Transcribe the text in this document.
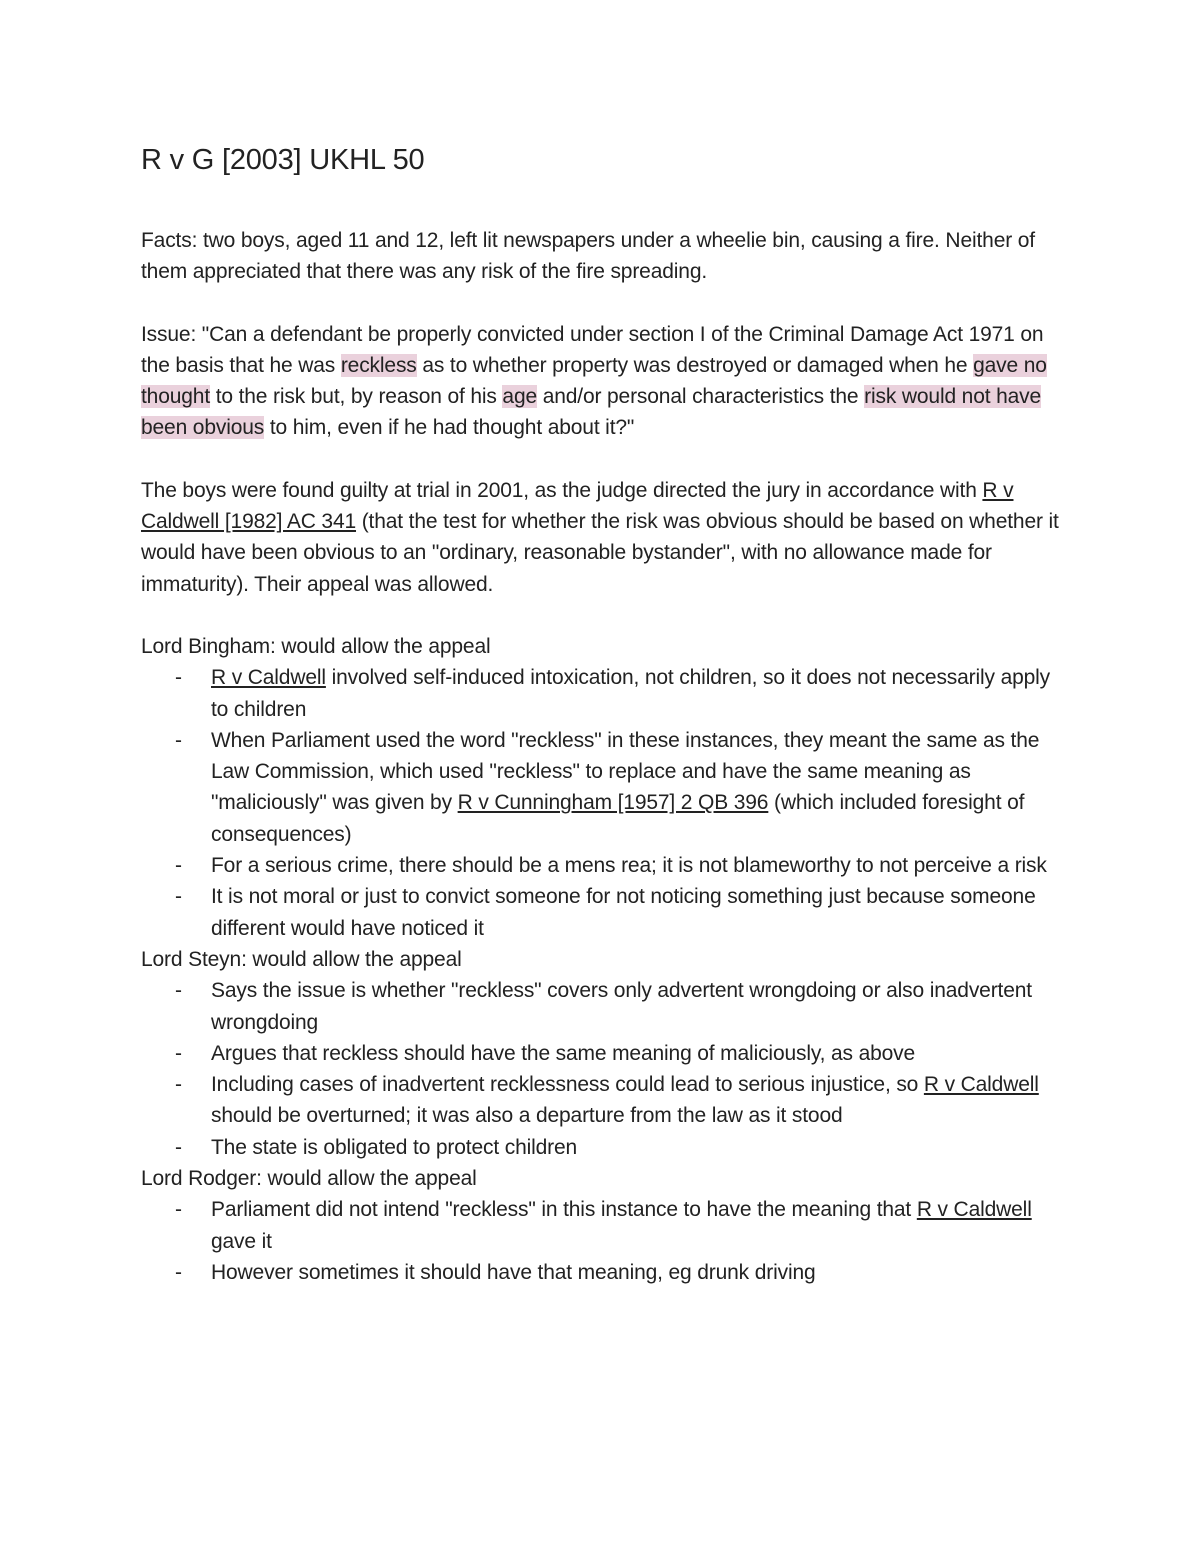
R v G [2003] UKHL 50

Facts: two boys, aged 11 and 12, left lit newspapers under a wheelie bin, causing a fire. Neither of them appreciated that there was any risk of the fire spreading.

Issue: "Can a defendant be properly convicted under section I of the Criminal Damage Act 1971 on the basis that he was reckless as to whether property was destroyed or damaged when he gave no thought to the risk but, by reason of his age and/or personal characteristics the risk would not have been obvious to him, even if he had thought about it?"

The boys were found guilty at trial in 2001, as the judge directed the jury in accordance with R v Caldwell [1982] AC 341 (that the test for whether the risk was obvious should be based on whether it would have been obvious to an "ordinary, reasonable bystander", with no allowance made for immaturity). Their appeal was allowed.

Lord Bingham: would allow the appeal

- R v Caldwell involved self-induced intoxication, not children, so it does not necessarily apply to children
- When Parliament used the word "reckless" in these instances, they meant the same as the Law Commission, which used "reckless" to replace and have the same meaning as "maliciously" was given by R v Cunningham [1957] 2 QB 396 (which included foresight of consequences)
- For a serious crime, there should be a mens rea; it is not blameworthy to not perceive a risk
- It is not moral or just to convict someone for not noticing something just because someone different would have noticed it

Lord Steyn: would allow the appeal

- Says the issue is whether "reckless" covers only advertent wrongdoing or also inadvertent wrongdoing
- Argues that reckless should have the same meaning of maliciously, as above
- Including cases of inadvertent recklessness could lead to serious injustice, so R v Caldwell should be overturned; it was also a departure from the law as it stood
- The state is obligated to protect children

Lord Rodger: would allow the appeal

- Parliament did not intend "reckless" in this instance to have the meaning that R v Caldwell gave it
- However sometimes it should have that meaning, eg drunk driving
